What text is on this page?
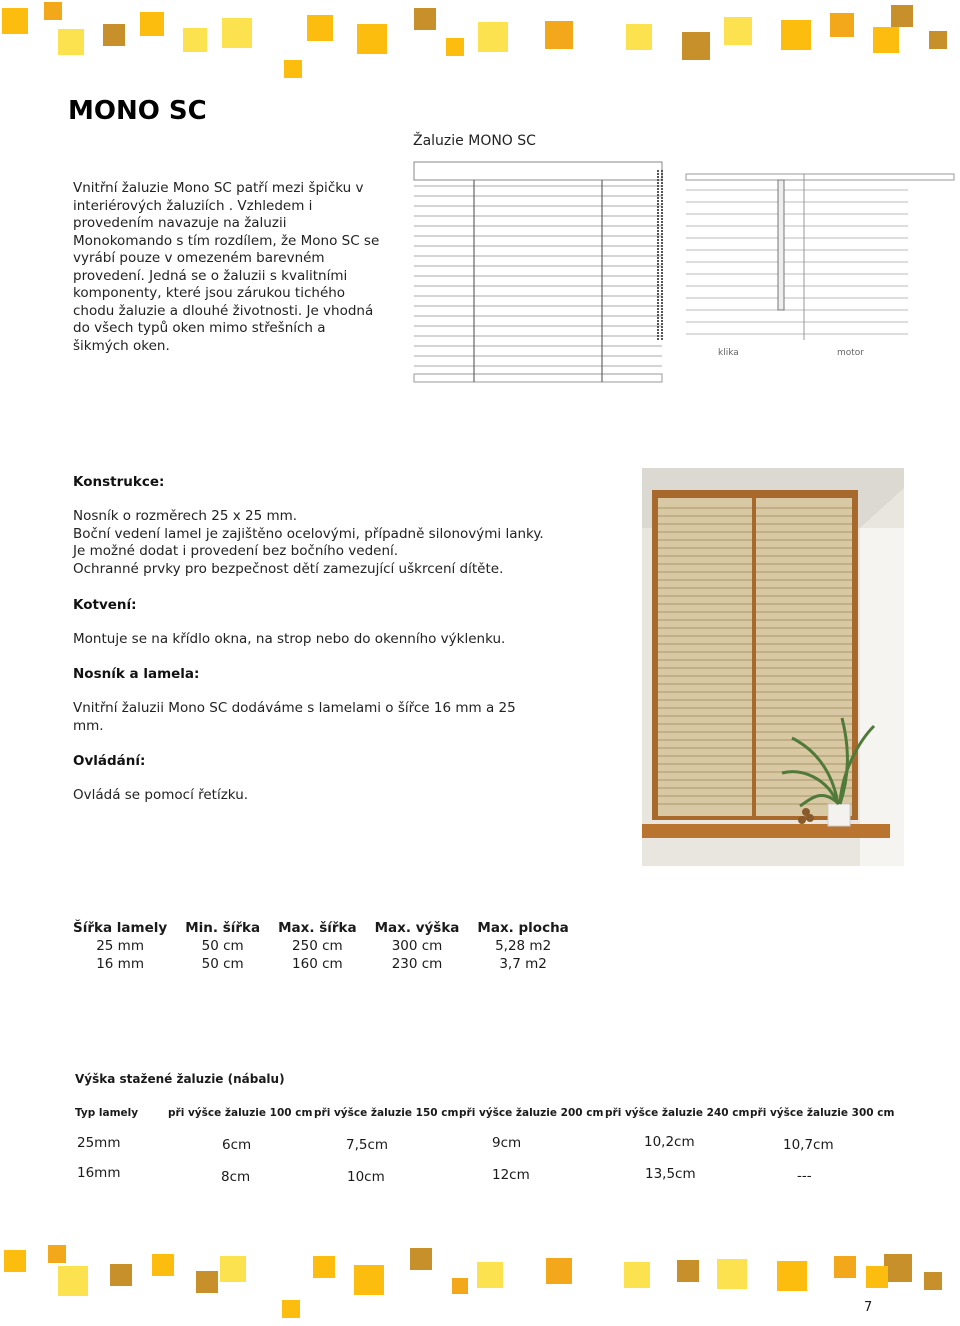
MONO SC
Žaluzie MONO SC
Vnitřní žaluzie Mono SC patří mezi špičku v interiérových žaluziích . Vzhledem i provedením navazuje na žaluzii Monokomando s tím rozdílem, že Mono SC se vyrábí pouze v omezeném barevném provedení. Jedná se o žaluzii s kvalitními komponenty, které jsou zárukou tichého chodu žaluzie a dlouhé životnosti. Je vhodná do všech typů oken mimo střešních a šikmých oken.	klika	motor
Konstrukce:
Nosník o rozměrech 25 x 25 mm.
Boční vedení lamel je zajištěno ocelovými, případně silonovými lanky. Je možné dodat i provedení bez bočního vedení.
Ochranné prvky pro bezpečnost dětí zamezující uškrcení dítěte.
Kotvení:
Montuje se na křídlo okna, na strop nebo do okenního výklenku.
Nosník a lamela:
Vnitřní žaluzii Mono SC dodáváme s lamelami o šířce 16 mm a 25 mm.
Ovládání:
Ovládá se pomocí řetízku.
Šířka lamely	Min. šířka	Max. šířka	Max. výška	Max. plocha
25 mm	50 cm	250 cm	300 cm	5,28 m2
16 mm	50 cm	160 cm	230 cm	3,7 m2
Výška stažené žaluzie (nábalu)
Typ lamely	při výšce žaluzie 100 cm při výšce žaluzie 150 cm při výšce žaluzie 200 cm při výšce žaluzie 240 cm při výšce žaluzie 300 cm
25mm	6cm	7,5cm	9cm	10,2cm	10,7cm
16mm	8cm	10cm	12cm	13,5cm	---
7
